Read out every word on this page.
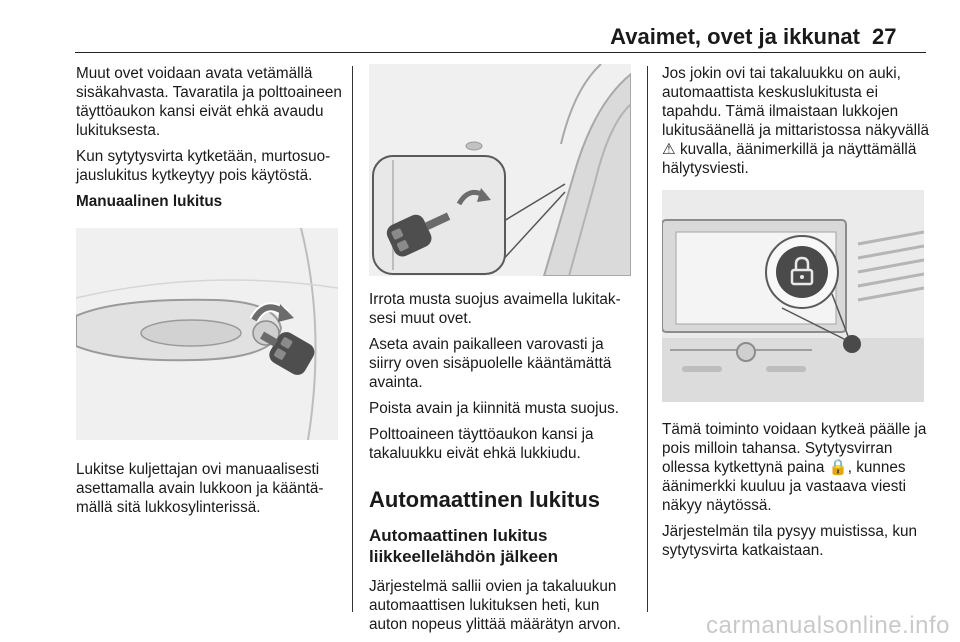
Avaimet, ovet ja ikkunat 27

Muut ovet voidaan avata vetämällä sisäkahvasta. Tavaratila ja polttoaineen täyttöaukon kansi eivät ehkä avaudu lukituksesta.

Kun sytytysvirta kytketään, murtosuojauslukitus kytkeytyy pois käytöstä.

Manuaalinen lukitus

Lukitse kuljettajan ovi manuaalisesti asettamalla avain lukkoon ja kääntämällä sitä lukkosylinterissä.

Irrota musta suojus avaimella lukitaksesi muut ovet.

Aseta avain paikalleen varovasti ja siirry oven sisäpuolelle kääntämättä avainta.

Poista avain ja kiinnitä musta suojus.

Polttoaineen täyttöaukon kansi ja takaluukku eivät ehkä lukkiudu.

Automaattinen lukitus
Automaattinen lukitus liikkeellelähdön jälkeen

Järjestelmä sallii ovien ja takaluukun automaattisen lukituksen heti, kun auton nopeus ylittää määrätyn arvon.

Jos jokin ovi tai takaluukku on auki, automaattista keskuslukitusta ei tapahdu. Tämä ilmaistaan lukkojen lukitusäänellä ja mittaristossa näkyvällä ⚠ kuvalla, äänimerkillä ja näyttämällä hälytysviesti.

Tämä toiminto voidaan kytkeä päälle ja pois milloin tahansa. Sytytysvirran ollessa kytkettynä paina 🔒, kunnes äänimerkki kuuluu ja vastaava viesti näkyy näytössä.

Järjestelmän tila pysyy muistissa, kun sytytysvirta katkaistaan.

carmanualsonline.info
